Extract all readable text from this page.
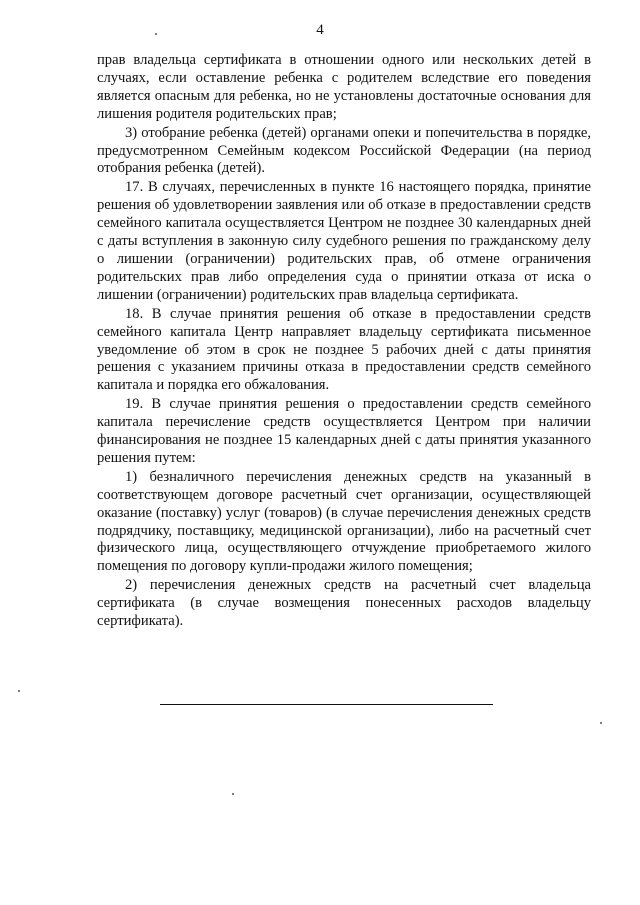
4

прав владельца сертификата в отношении одного или нескольких детей в случаях, если оставление ребенка с родителем вследствие его поведения является опасным для ребенка, но не установлены достаточные основания для лишения родителя родительских прав;

3) отобрание ребенка (детей) органами опеки и попечительства в порядке, предусмотренном Семейным кодексом Российской Федерации (на период отобрания ребенка (детей).

17. В случаях, перечисленных в пункте 16 настоящего порядка, принятие решения об удовлетворении заявления или об отказе в предоставлении средств семейного капитала осуществляется Центром не позднее 30 календарных дней с даты вступления в законную силу судебного решения по гражданскому делу о лишении (ограничении) родительских прав, об отмене ограничения родительских прав либо определения суда о принятии отказа от иска о лишении (ограничении) родительских прав владельца сертификата.

18. В случае принятия решения об отказе в предоставлении средств семейного капитала Центр направляет владельцу сертификата письменное уведомление об этом в срок не позднее 5 рабочих дней с даты принятия решения с указанием причины отказа в предоставлении средств семейного капитала и порядка его обжалования.

19. В случае принятия решения о предоставлении средств семейного капитала перечисление средств осуществляется Центром при наличии финансирования не позднее 15 календарных дней с даты принятия указанного решения путем:

1) безналичного перечисления денежных средств на указанный в соответствующем договоре расчетный счет организации, осуществляющей оказание (поставку) услуг (товаров) (в случае перечисления денежных средств подрядчику, поставщику, медицинской организации), либо на расчетный счет физического лица, осуществляющего отчуждение приобретаемого жилого помещения по договору купли-продажи жилого помещения;

2) перечисления денежных средств на расчетный счет владельца сертификата (в случае возмещения понесенных расходов владельцу сертификата).
